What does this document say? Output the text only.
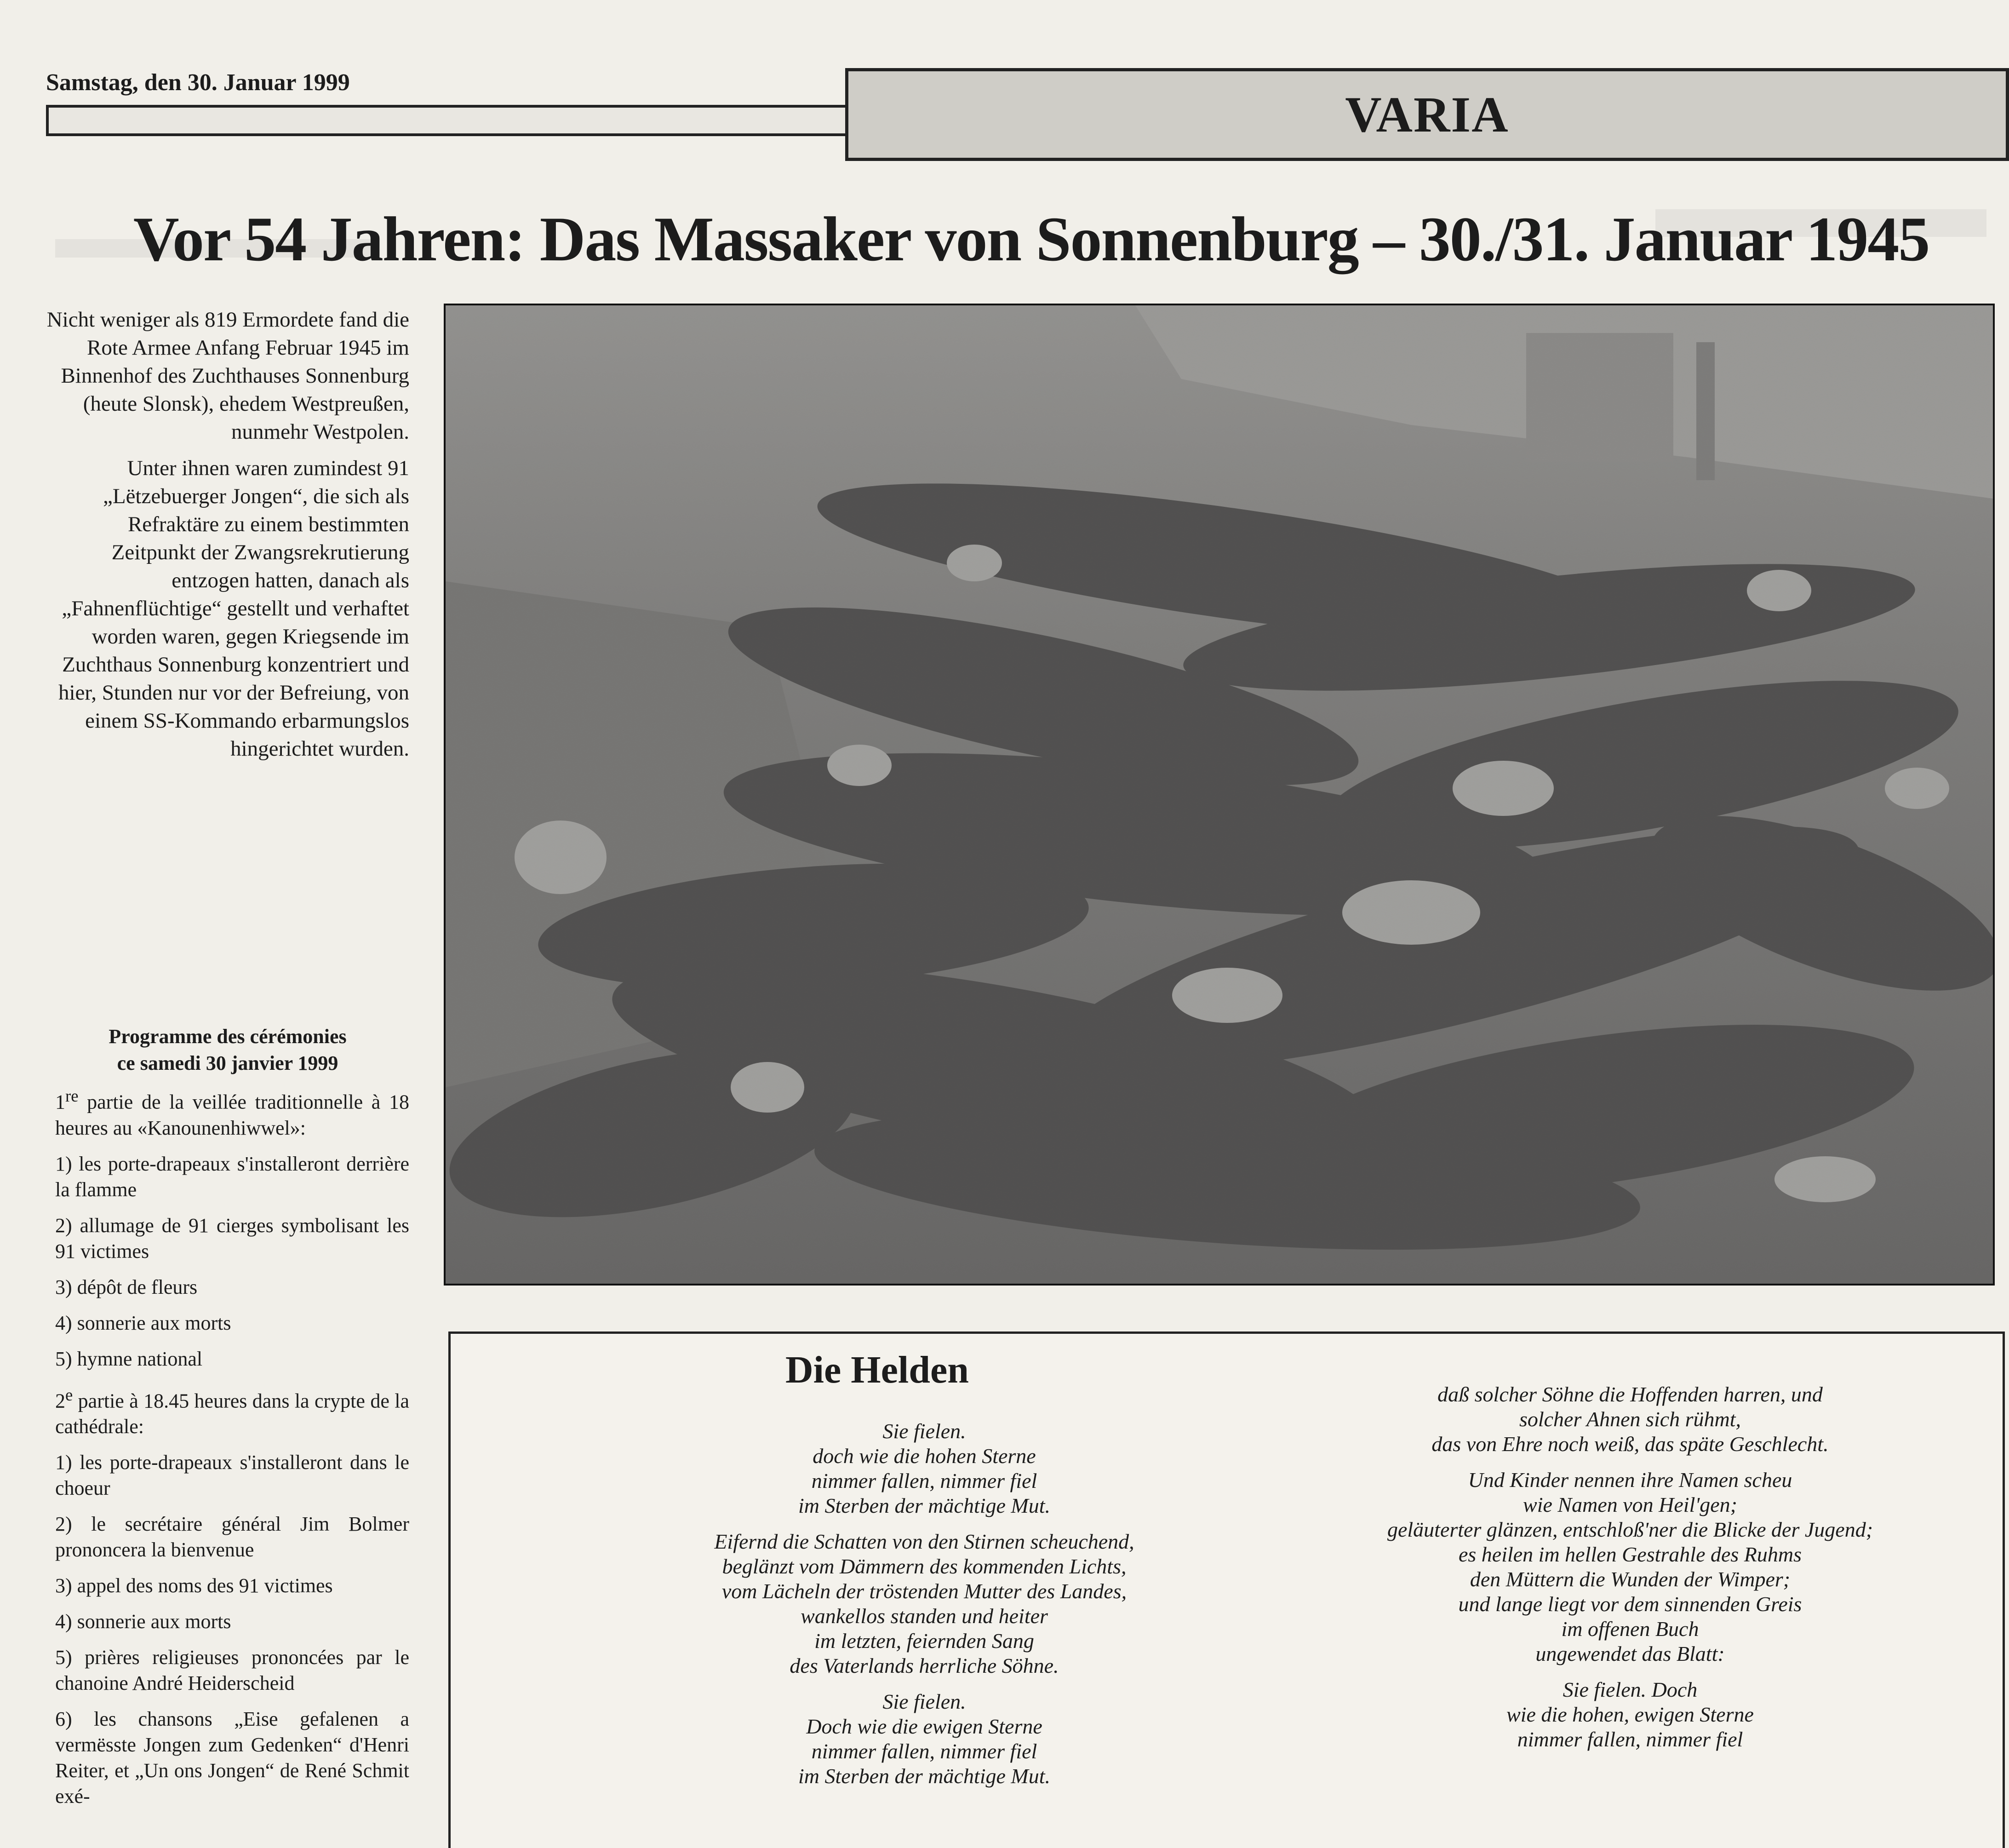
Samstag, den 30. Januar 1999
VARIA
Vor 54 Jahren: Das Massaker von Sonnenburg – 30./31. Januar 1945

Nicht weniger als 819 Ermordete fand die Rote Armee Anfang Februar 1945 im Binnenhof des Zuchthauses Sonnenburg (heute Slonsk), ehedem Westpreußen, nunmehr Westpolen.

Unter ihnen waren zumindest 91 „Lëtzebuerger Jongen“, die sich als Refraktäre zu einem bestimmten Zeitpunkt der Zwangsrekrutierung entzogen hatten, danach als „Fahnenflüchtige“ gestellt und verhaftet worden waren, gegen Kriegsende im Zuchthaus Sonnenburg konzentriert und hier, Stunden nur vor der Befreiung, von einem SS-Kommando erbarmungslos hingerichtet wurden.

Programme des cérémonies
ce samedi 30 janvier 1999

1re partie de la veillée traditionnelle à 18 heures au «Kanounenhiwwel»:

1) les porte-drapeaux s'installeront derrière la flamme

2) allumage de 91 cierges symbolisant les 91 victimes

3) dépôt de fleurs

4) sonnerie aux morts

5) hymne national

2e partie à 18.45 heures dans la crypte de la cathédrale:

1) les porte-drapeaux s'installeront dans le choeur

2) le secrétaire général Jim Bolmer prononcera la bienvenue

3) appel des noms des 91 victimes

4) sonnerie aux morts

5) prières religieuses prononcées par le chanoine André Heiderscheid

6) les chansons „Eise gefalenen a vermësste Jongen zum Gedenken“ d'Henri Reiter, et „Un ons Jongen“ de René Schmit exé-

Die Helden
Sie fielen.
doch wie die hohen Sterne
nimmer fallen, nimmer fiel
im Sterben der mächtige Mut.
Eifernd die Schatten von den Stirnen scheuchend,
beglänzt vom Dämmern des kommenden Lichts,
vom Lächeln der tröstenden Mutter des Landes,
wankellos standen und heiter
im letzten, feiernden Sang
des Vaterlands herrliche Söhne.
Sie fielen.
Doch wie die ewigen Sterne
nimmer fallen, nimmer fiel
im Sterben der mächtige Mut.
daß solcher Söhne die Hoffenden harren, und
solcher Ahnen sich rühmt,
das von Ehre noch weiß, das späte Geschlecht.
Und Kinder nennen ihre Namen scheu
wie Namen von Heil'gen;
geläuterter glänzen, entschloß'ner die Blicke der Jugend;
es heilen im hellen Gestrahle des Ruhms
den Müttern die Wunden der Wimper;
und lange liegt vor dem sinnenden Greis
im offenen Buch
ungewendet das Blatt:
Sie fielen. Doch
wie die hohen, ewigen Sterne
nimmer fallen, nimmer fiel
